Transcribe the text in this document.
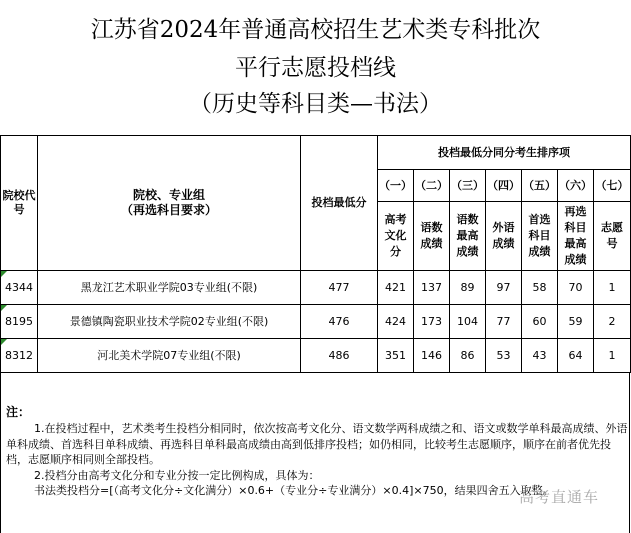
江苏省2024年普通高校招生艺术类专科批次
平行志愿投档线
（历史等科目类—书法）
院校代号	院校、专业组
（再选科目要求）	投档最低分	投档最低分同分考生排序项						
			（一）	（二）	（三）	（四）	（五）	（六）	（七）
			高考文化分	语数成绩	语数最高成绩	外语成绩	首选科目成绩	再选科目最高成绩	志愿号

4344	黑龙江艺术职业学院03专业组(不限)	477	421	137	89	97	58	70	1

8195	景德镇陶瓷职业技术学院02专业组(不限)	476	424	173	104	77	60	59	2

8312	河北美术学院07专业组(不限)	486	351	146	86	53	43	64	1
注：

1.在投档过程中，艺术类考生投档分相同时，依次按高考文化分、语文数学两科成绩之和、语文或数学单科最高成绩、外语单科成绩、首选科目单科成绩、再选科目单科最高成绩由高到低排序投档；如仍相同，比较考生志愿顺序，顺序在前者优先投档，志愿顺序相同则全部投档。

2.投档分由高考文化分和专业分按一定比例构成，具体为：

书法类投档分=[（高考文化分÷文化满分）×0.6+（专业分÷专业满分）×0.4]×750，结果四舍五入取整。

高考直通车
